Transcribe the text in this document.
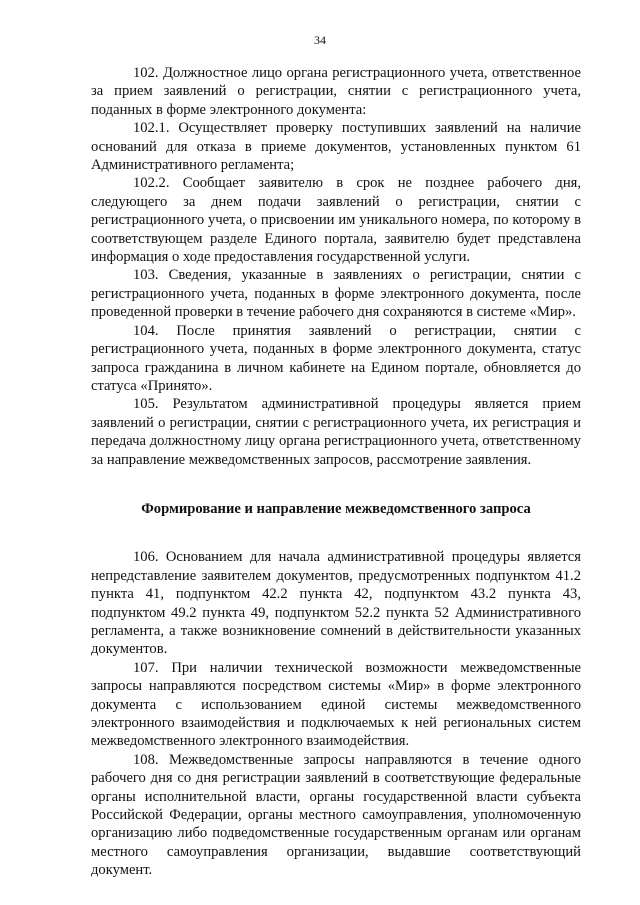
34

102. Должностное лицо органа регистрационного учета, ответственное за прием заявлений о регистрации, снятии с регистрационного учета, поданных в форме электронного документа:

102.1. Осуществляет проверку поступивших заявлений на наличие оснований для отказа в приеме документов, установленных пунктом 61 Административного регламента;

102.2. Сообщает заявителю в срок не позднее рабочего дня, следующего за днем подачи заявлений о регистрации, снятии с регистрационного учета, о присвоении им уникального номера, по которому в соответствующем разделе Единого портала, заявителю будет представлена информация о ходе предоставления государственной услуги.

103. Сведения, указанные в заявлениях о регистрации, снятии с регистрационного учета, поданных в форме электронного документа, после проведенной проверки в течение рабочего дня сохраняются в системе «Мир».

104. После принятия заявлений о регистрации, снятии с регистрационного учета, поданных в форме электронного документа, статус запроса гражданина в личном кабинете на Едином портале, обновляется до статуса «Принято».

105. Результатом административной процедуры является прием заявлений о регистрации, снятии с регистрационного учета, их регистрация и передача должностному лицу органа регистрационного учета, ответственному за направление межведомственных запросов, рассмотрение заявления.

Формирование и направление межведомственного запроса

106. Основанием для начала административной процедуры является непредставление заявителем документов, предусмотренных подпунктом 41.2 пункта 41, подпунктом 42.2 пункта 42, подпунктом 43.2 пункта 43, подпунктом 49.2 пункта 49, подпунктом 52.2 пункта 52 Административного регламента, а также возникновение сомнений в действительности указанных документов.

107. При наличии технической возможности межведомственные запросы направляются посредством системы «Мир» в форме электронного документа с использованием единой системы межведомственного электронного взаимодействия и подключаемых к ней региональных систем межведомственного электронного взаимодействия.

108. Межведомственные запросы направляются в течение одного рабочего дня со дня регистрации заявлений в соответствующие федеральные органы исполнительной власти, органы государственной власти субъекта Российской Федерации, органы местного самоуправления, уполномоченную организацию либо подведомственные государственным органам или органам местного самоуправления организации, выдавшие соответствующий документ.
